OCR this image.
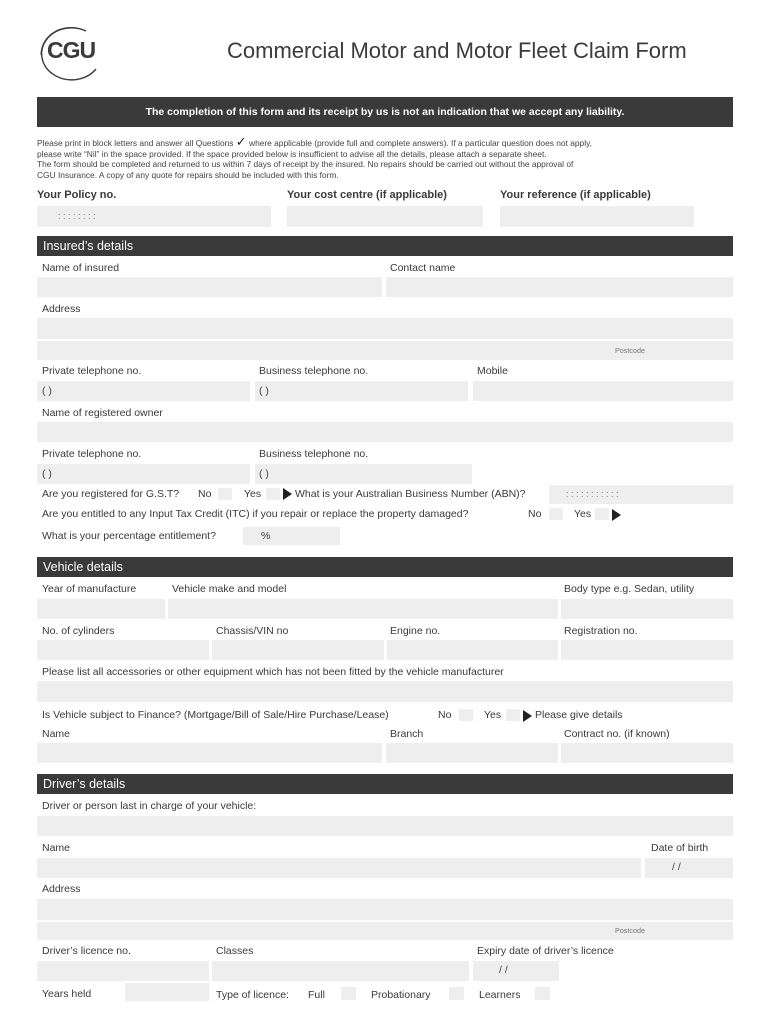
CGU	Commercial Motor and Motor Fleet Claim Form
The completion of this form and its receipt by us is not an indication that we accept any liability.

Please print in block letters and answer all Questions ✓ where applicable (provide full and complete answers). If a particular question does not apply,

please write “Nil” in the space provided. If the space provided below is insufficient to advise all the details, please attach a separate sheet.

The form should be completed and returned to us within 7 days of receipt by the insured. No repairs should be carried out without the approval of

CGU Insurance. A copy of any quote for repairs should be included with this form.

Your Policy no.	Your cost centre (if applicable)	Your reference (if applicable)
: : : : : : : :
Insured’s details
Name of insured	Contact name
Address
Postcode
Private telephone no.	Business telephone no.	Mobile
( )	( )
Name of registered owner
Private telephone no.	Business telephone no.
( )	( )
Are you registered for G.S.T? No	Yes	What is your Australian Business Number (ABN)?	: : : : : : : : : : :
Are you entitled to any Input Tax Credit (ITC) if you repair or replace the property damaged?	No	Yes
What is your percentage entitlement?	%
Vehicle details
Year of manufacture	Vehicle make and model	Body type e.g. Sedan, utility
No. of cylinders	Chassis/VIN no	Engine no.	Registration no.
Please list all accessories or other equipment which has not been fitted by the vehicle manufacturer
Is Vehicle subject to Finance? (Mortgage/Bill of Sale/Hire Purchase/Lease)	No	Yes	Please give details
Name	Branch	Contract no. (if known)
Driver’s details
Driver or person last in charge of your vehicle:
Name	Date of birth
/ /
Address
Postcode
Driver’s licence no.	Classes	Expiry date of driver’s licence
/ /
Years held	Type of licence: Full	Probationary	Learners
